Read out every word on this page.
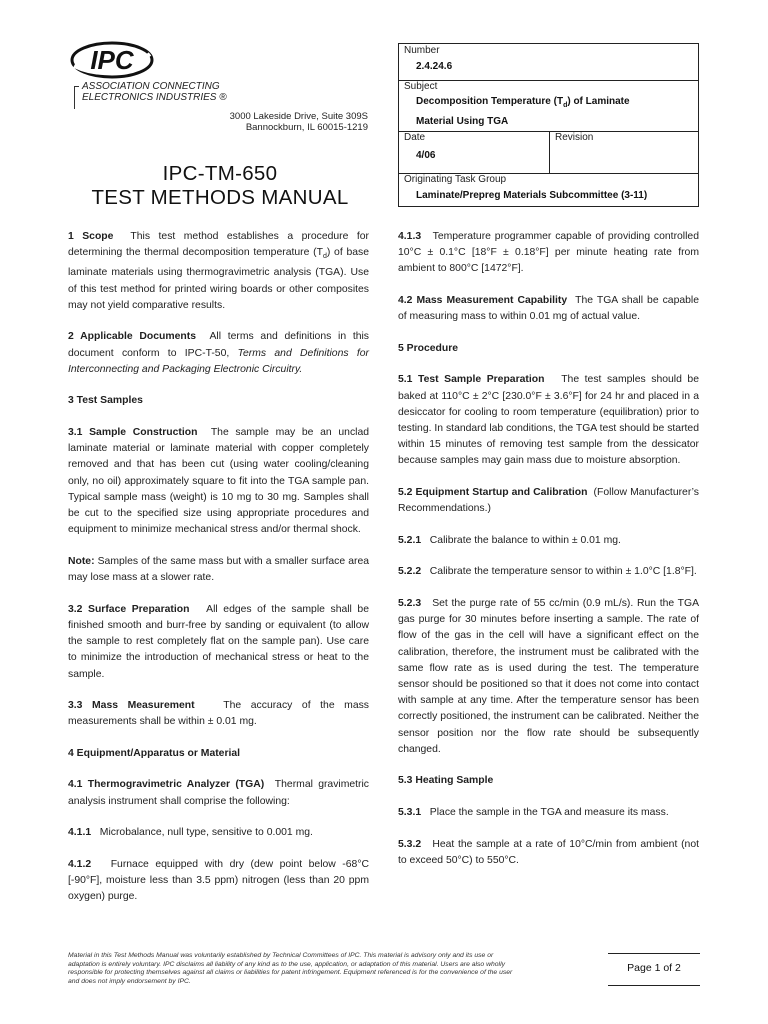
IPC
ASSOCIATION CONNECTING
ELECTRONICS INDUSTRIES ®
3000 Lakeside Drive, Suite 309S
Bannockburn, IL 60015-1219
IPC-TM-650
TEST METHODS MANUAL
Number
2.4.24.6
Subject
Decomposition Temperature $(T_d)$ of Laminate
Material Using TGA
Date
4/06
Revision
Originating Task Group
Laminate/Prepreg Materials Subcommittee (3-11)

1 Scope This test method establishes a procedure for determining the thermal decomposition temperature $(T_d)$ of base laminate materials using thermogravimetric analysis (TGA). Use of this test method for printed wiring boards or other composites may not yield comparative results.

2 Applicable Documents All terms and definitions in this document conform to IPC-T-50, Terms and Definitions for Interconnecting and Packaging Electronic Circuitry.

3 Test Samples

3.1 Sample Construction The sample may be an unclad laminate material or laminate material with copper completely removed and that has been cut (using water cooling/cleaning only, no oil) approximately square to fit into the TGA sample pan. Typical sample mass (weight) is 10 mg to 30 mg. Samples shall be cut to the specified size using appropriate procedures and equipment to minimize mechanical stress and/or thermal shock.

Note: Samples of the same mass but with a smaller surface area may lose mass at a slower rate.

3.2 Surface Preparation All edges of the sample shall be finished smooth and burr-free by sanding or equivalent (to allow the sample to rest completely flat on the sample pan). Use care to minimize the introduction of mechanical stress or heat to the sample.

3.3 Mass Measurement	The accuracy of the mass measurements shall be within ± 0.01 mg.

4 Equipment/Apparatus or Material

4.1 Thermogravimetric Analyzer (TGA) Thermal gravimetric analysis instrument shall comprise the following:

4.1.1 Microbalance, null type, sensitive to 0.001 mg.

4.1.2 Furnace equipped with dry (dew point below -68°C [-90°F], moisture less than 3.5 ppm) nitrogen (less than 20 ppm oxygen) purge.

4.1.3 Temperature programmer capable of providing controlled 10°C ± 0.1°C [18°F ± 0.18°F] per minute heating rate from ambient to 800°C [1472°F].

4.2 Mass Measurement Capability The TGA shall be capable of measuring mass to within 0.01 mg of actual value.

5 Procedure

5.1 Test Sample Preparation The test samples should be baked at 110°C ± 2°C [230.0°F ± 3.6°F] for 24 hr and placed in a desiccator for cooling to room temperature (equilibration) prior to testing. In standard lab conditions, the TGA test should be started within 15 minutes of removing test sample from the dessicator because samples may gain mass due to moisture absorption.

5.2 Equipment Startup and Calibration (Follow Manufacturer’s Recommendations.)

5.2.1 Calibrate the balance to within ± 0.01 mg.

5.2.2 Calibrate the temperature sensor to within ± 1.0°C [1.8°F].

5.2.3 Set the purge rate of 55 cc/min (0.9 mL/s). Run the TGA gas purge for 30 minutes before inserting a sample. The rate of flow of the gas in the cell will have a significant effect on the calibration, therefore, the instrument must be calibrated with the same flow rate as is used during the test. The temperature sensor should be positioned so that it does not come into contact with sample at any time. After the temperature sensor has been correctly positioned, the instrument can be calibrated. Neither the sensor position nor the flow rate should be subsequently changed.

5.3 Heating Sample

5.3.1 Place the sample in the TGA and measure its mass.

5.3.2 Heat the sample at a rate of 10°C/min from ambient (not to exceed 50°C) to 550°C.

Material in this Test Methods Manual was voluntarily established by Technical Committees of IPC. This material is advisory only and its use or adaptation is entirely voluntary. IPC disclaims all liability of any kind as to the use, application, or adaptation of this material. Users are also wholly responsible for protecting themselves against all claims or liabilities for patent infringement. Equipment referenced is for the convenience of the user and does not imply endorsement by IPC.
Page 1 of 2
